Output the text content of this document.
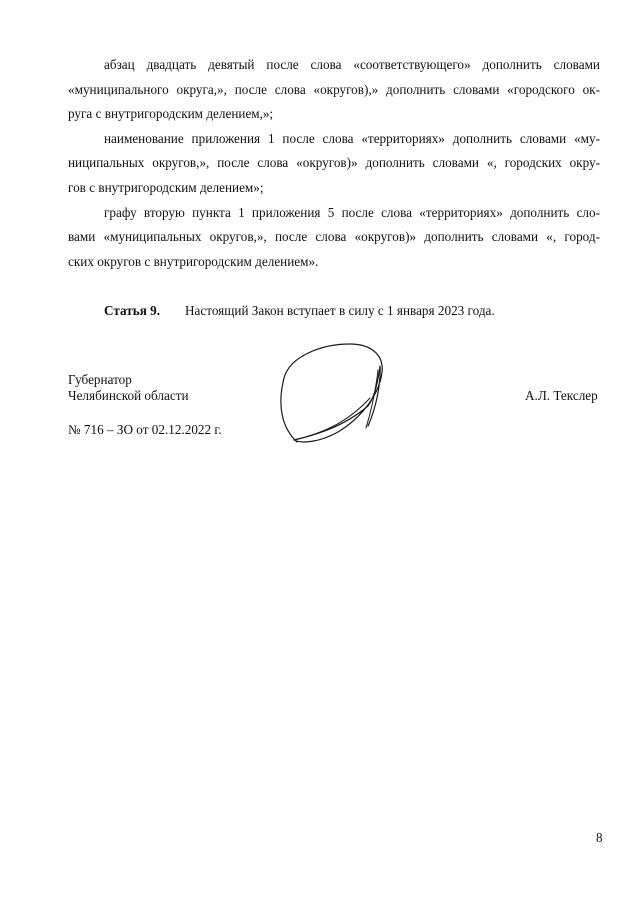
абзац двадцать девятый после слова «соответствующего» дополнить словами
«муниципального округа,», после слова «округов),» дополнить словами «городского ок-
руга с внутригородским делением,»;
наименование приложения 1 после слова «территориях» дополнить словами «му-
ниципальных округов,», после слова «округов)» дополнить словами «, городских окру-
гов с внутригородским делением»;
графу вторую пункта 1 приложения 5 после слова «территориях» дополнить сло-
вами «муниципальных округов,», после слова «округов)» дополнить словами «, город-
ских округов с внутригородским делением».
Статья 9. Настоящий Закон вступает в силу с 1 января 2023 года.
Губернатор
Челябинской области	А.Л. Текслер
№ 716 – ЗО от 02.12.2022 г.
8
